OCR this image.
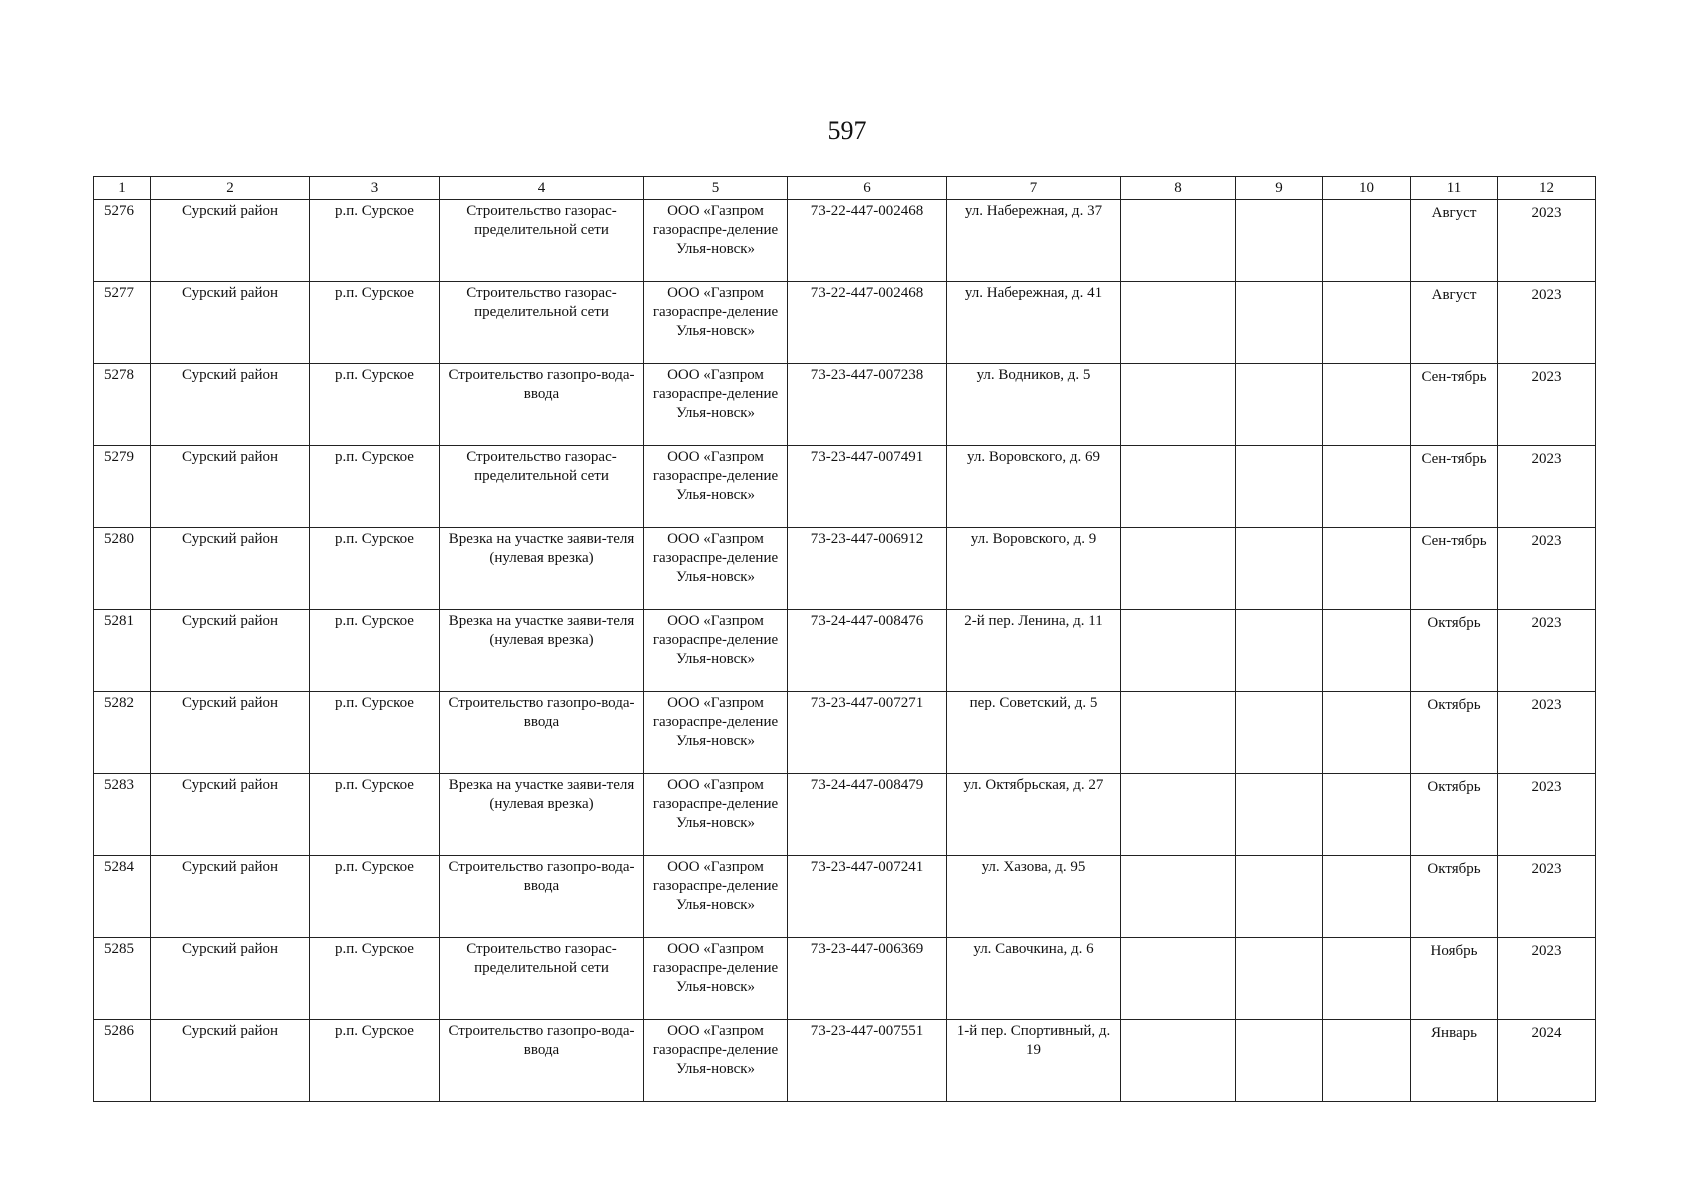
597
1	2	3	4	5	6	7	8	9	10	11	12
5276	Сурский район	р.п. Сурское	Строительство газорас-пределительной сети	ООО «Газпром газораспре-деление Улья-новск»	73-22-447-002468	ул. Набережная, д. 37				Август	2023
5277	Сурский район	р.п. Сурское	Строительство газорас-пределительной сети	ООО «Газпром газораспре-деление Улья-новск»	73-22-447-002468	ул. Набережная, д. 41				Август	2023
5278	Сурский район	р.п. Сурское	Строительство газопро-вода-ввода	ООО «Газпром газораспре-деление Улья-новск»	73-23-447-007238	ул. Водников, д. 5				Сен-тябрь	2023
5279	Сурский район	р.п. Сурское	Строительство газорас-пределительной сети	ООО «Газпром газораспре-деление Улья-новск»	73-23-447-007491	ул. Воровского, д. 69				Сен-тябрь	2023
5280	Сурский район	р.п. Сурское	Врезка на участке заяви-теля (нулевая врезка)	ООО «Газпром газораспре-деление Улья-новск»	73-23-447-006912	ул. Воровского, д. 9				Сен-тябрь	2023
5281	Сурский район	р.п. Сурское	Врезка на участке заяви-теля (нулевая врезка)	ООО «Газпром газораспре-деление Улья-новск»	73-24-447-008476	2-й пер. Ленина, д. 11				Октябрь	2023
5282	Сурский район	р.п. Сурское	Строительство газопро-вода-ввода	ООО «Газпром газораспре-деление Улья-новск»	73-23-447-007271	пер. Советский, д. 5				Октябрь	2023
5283	Сурский район	р.п. Сурское	Врезка на участке заяви-теля (нулевая врезка)	ООО «Газпром газораспре-деление Улья-новск»	73-24-447-008479	ул. Октябрьская, д. 27				Октябрь	2023
5284	Сурский район	р.п. Сурское	Строительство газопро-вода-ввода	ООО «Газпром газораспре-деление Улья-новск»	73-23-447-007241	ул. Хазова, д. 95				Октябрь	2023
5285	Сурский район	р.п. Сурское	Строительство газорас-пределительной сети	ООО «Газпром газораспре-деление Улья-новск»	73-23-447-006369	ул. Савочкина, д. 6				Ноябрь	2023
5286	Сурский район	р.п. Сурское	Строительство газопро-вода-ввода	ООО «Газпром газораспре-деление Улья-новск»	73-23-447-007551	1-й пер. Спортивный, д. 19				Январь	2024
